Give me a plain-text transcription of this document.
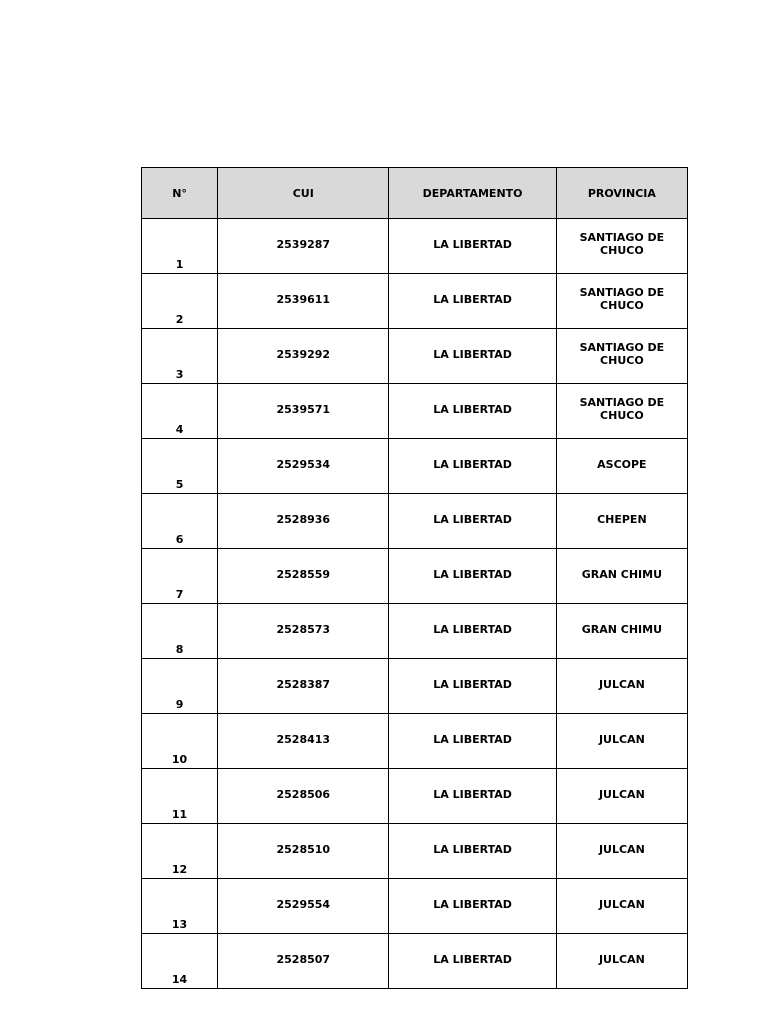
N°	CUI	DEPARTAMENTO	PROVINCIA
1	2539287	LA LIBERTAD	SANTIAGO DE CHUCO
2	2539611	LA LIBERTAD	SANTIAGO DE CHUCO
3	2539292	LA LIBERTAD	SANTIAGO DE CHUCO
4	2539571	LA LIBERTAD	SANTIAGO DE CHUCO
5	2529534	LA LIBERTAD	ASCOPE
6	2528936	LA LIBERTAD	CHEPEN
7	2528559	LA LIBERTAD	GRAN CHIMU
8	2528573	LA LIBERTAD	GRAN CHIMU
9	2528387	LA LIBERTAD	JULCAN
10	2528413	LA LIBERTAD	JULCAN
11	2528506	LA LIBERTAD	JULCAN
12	2528510	LA LIBERTAD	JULCAN
13	2529554	LA LIBERTAD	JULCAN
14	2528507	LA LIBERTAD	JULCAN
